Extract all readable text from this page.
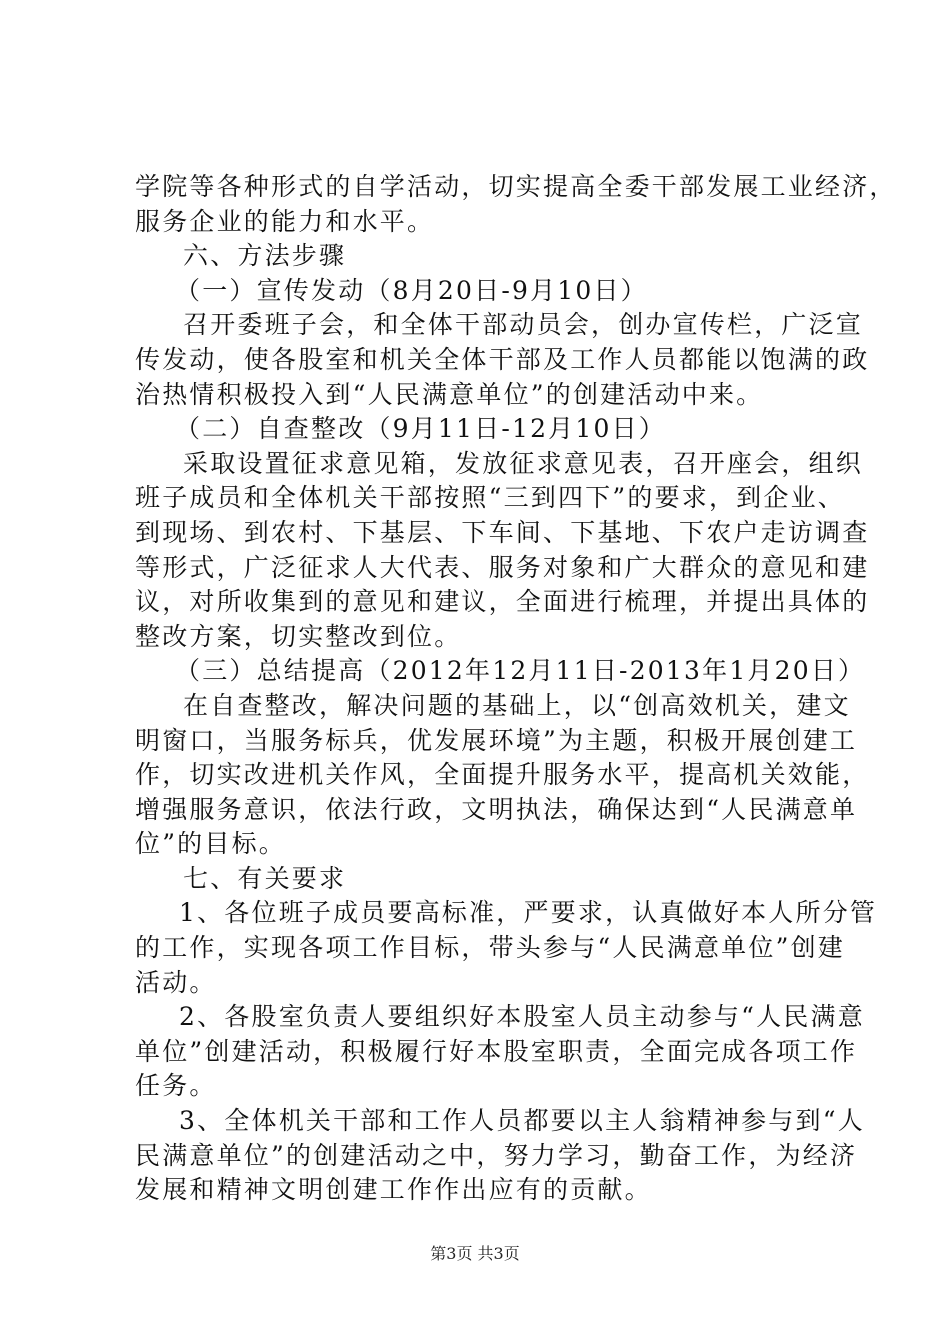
学院等各种形式的自学活动，切实提高全委干部发展工业经济，
服务企业的能力和水平。
六、方法步骤
（一）宣传发动（8月20日-9月10日）
召开委班子会，和全体干部动员会，创办宣传栏，广泛宣
传发动，使各股室和机关全体干部及工作人员都能以饱满的政
治热情积极投入到“人民满意单位”的创建活动中来。
（二）自查整改（9月11日-12月10日）
采取设置征求意见箱，发放征求意见表，召开座会，组织
班子成员和全体机关干部按照“三到四下”的要求，到企业、
到现场、到农村、下基层、下车间、下基地、下农户走访调查
等形式，广泛征求人大代表、服务对象和广大群众的意见和建
议，对所收集到的意见和建议，全面进行梳理，并提出具体的
整改方案，切实整改到位。
（三）总结提高（2012年12月11日-2013年1月20日）
在自查整改，解决问题的基础上，以“创高效机关，建文
明窗口，当服务标兵，优发展环境”为主题，积极开展创建工
作，切实改进机关作风，全面提升服务水平，提高机关效能，
增强服务意识，依法行政，文明执法，确保达到“人民满意单
位”的目标。
七、有关要求
1、各位班子成员要高标准，严要求，认真做好本人所分管
的工作，实现各项工作目标，带头参与“人民满意单位”创建
活动。
2、各股室负责人要组织好本股室人员主动参与“人民满意
单位”创建活动，积极履行好本股室职责，全面完成各项工作
任务。
3、全体机关干部和工作人员都要以主人翁精神参与到“人
民满意单位”的创建活动之中，努力学习，勤奋工作，为经济
发展和精神文明创建工作作出应有的贡献。
第3页 共3页
